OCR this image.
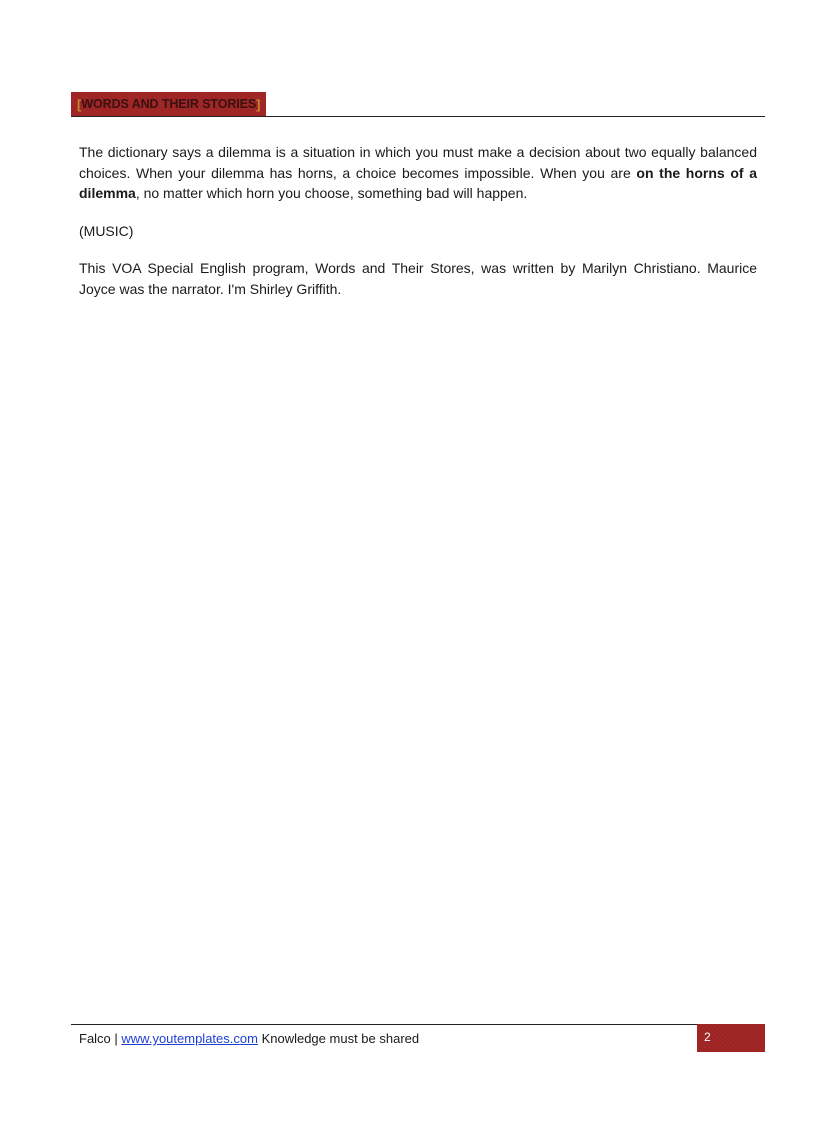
[ WORDS AND THEIR STORIES ]

The dictionary says a dilemma is a situation in which you must make a decision about two equally balanced choices. When your dilemma has horns, a choice becomes impossible. When you are on the horns of a dilemma, no matter which horn you choose, something bad will happen.

(MUSIC)

This VOA Special English program, Words and Their Stores, was written by Marilyn Christiano. Maurice Joyce was the narrator. I'm Shirley Griffith.

Falco | www.youtemplates.com Knowledge must be shared	2
